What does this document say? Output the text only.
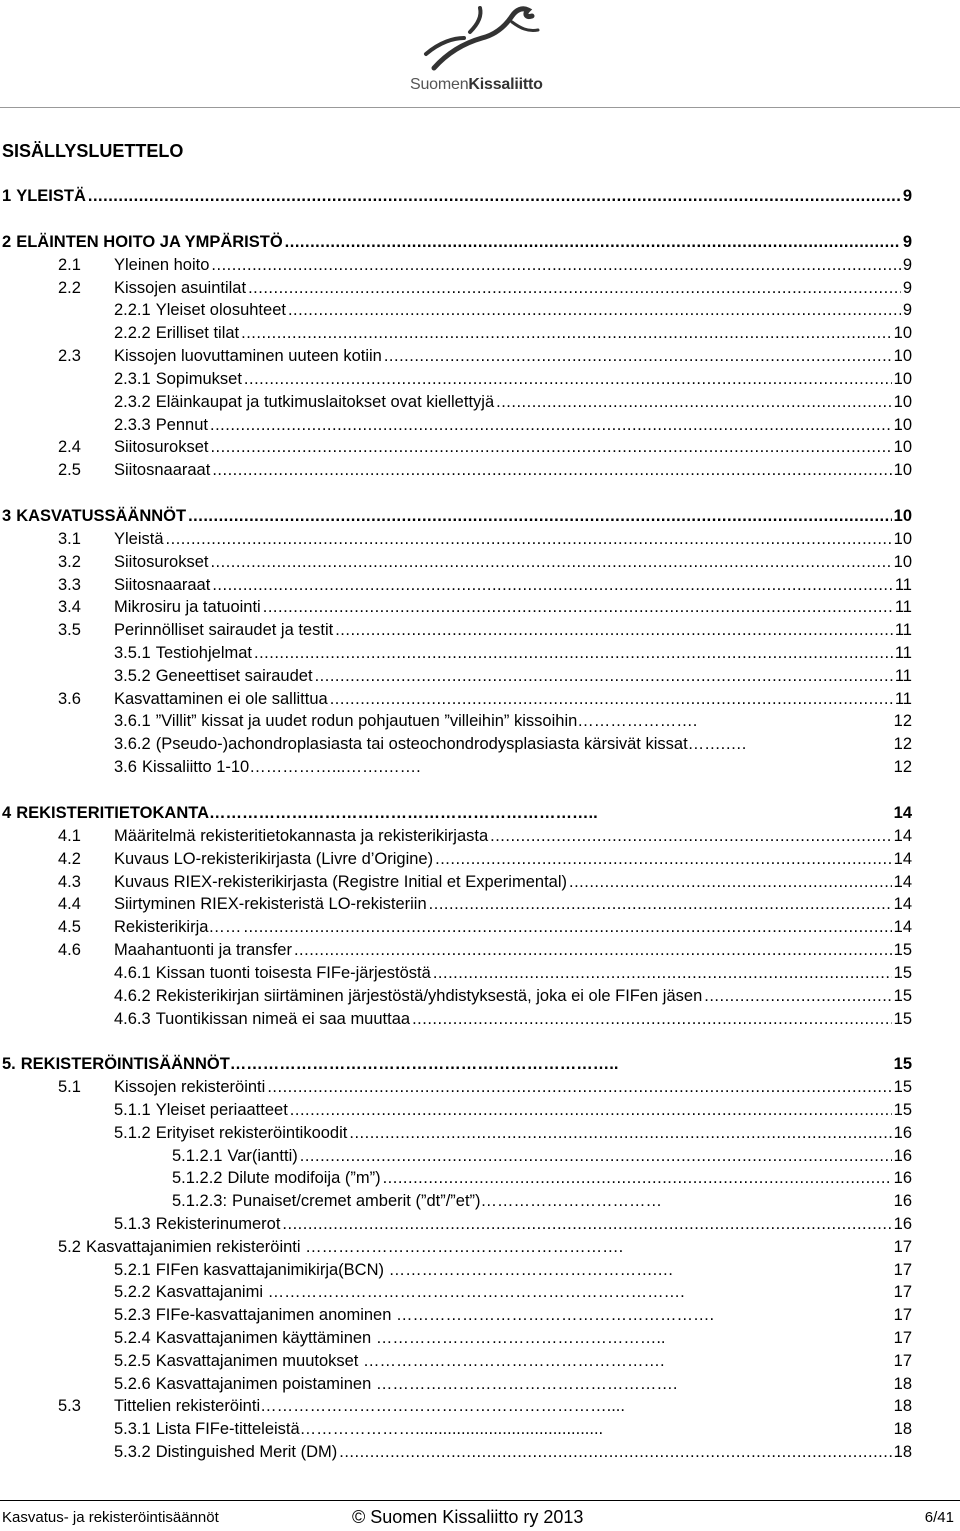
SuomenKissaliitto
SISÄLLYSLUETTELO
1 YLEISTÄ .....	9
2 ELÄINTEN HOITO JA YMPÄRISTÖ .....	9
2.1	Yleinen hoito .....	9
2.2	Kissojen asuintilat .....	9
2.2.1 Yleiset olosuhteet .....	9
2.2.2 Erilliset tilat .....	10
2.3	Kissojen luovuttaminen uuteen kotiin .....	10
2.3.1 Sopimukset .....	10
2.3.2 Eläinkaupat ja tutkimuslaitokset ovat kiellettyjä .....	10
2.3.3 Pennut .....	10
2.4	Siitosurokset .....	10
2.5	Siitosnaaraat .....	10
3 KASVATUSSÄÄNNÖT .....	10
3.1	Yleistä .....	10
3.2	Siitosurokset .....	10
3.3	Siitosnaaraat .....	11
3.4	Mikrosiru ja tatuointi .....	11
3.5	Perinnölliset sairaudet ja testit .....	11
3.5.1 Testiohjelmat .....	11
3.5.2 Geneettiset sairaudet .....	11
3.6	Kasvattaminen ei ole sallittua .....	11
3.6.1 ”Villit” kissat ja uudet rodun pohjautuen ”villeihin” kissoihin………………….	12
3.6.2 (Pseudo-)achondroplasiasta tai osteochondrodysplasiasta kärsivät kissat…….….	12
3.6 Kissaliitto 1-10……………...…….…….	12
4 REKISTERITIETOKANTA……………………………………………………………..	14
4.1	Määritelmä rekisteritietokannasta ja rekisterikirjasta .....	14
4.2	Kuvaus LO-rekisterikirjasta (Livre d’Origine) .....	14
4.3	Kuvaus RIEX-rekisterikirjasta (Registre Initial et Experimental) .....	14
4.4	Siirtyminen RIEX-rekisteristä LO-rekisteriin .....	14
4.5	Rekisterikirja…… .....	14
4.6	Maahantuonti ja transfer .....	15
4.6.1 Kissan tuonti toisesta FIFe-järjestöstä .....	15
4.6.2 Rekisterikirjan siirtäminen järjestöstä/yhdistyksestä, joka ei ole FIFen jäsen .....	15
4.6.3 Tuontikissan nimeä ei saa muuttaa .....	15
5. REKISTERÖINTISÄÄNNÖT……………………………………………………………..	15
5.1	Kissojen rekisteröinti .....	15
5.1.1 Yleiset periaatteet .....	15
5.1.2 Erityiset rekisteröintikoodit .....	16
5.1.2.1 Var(iantti) .....	16
5.1.2.2 Dilute modifoija (”m”) .....	16
5.1.2.3: Punaiset/cremet amberit (”dt”/”et”)……………………………	16
5.1.3 Rekisterinumerot .....	16
5.2 Kasvattajanimien rekisteröinti ………………………………………………….	17
5.2.1 FIFen kasvattajanimikirja(BCN) ………………………………………….…	17
5.2.2 Kasvattajanimi ………………………………………………………………….	17
5.2.3 FIFe-kasvattajanimen anominen ………………………………………………….	17
5.2.4 Kasvattajanimen käyttäminen ……………………………………………..	17
5.2.5 Kasvattajanimen muutokset ……………………………………………….	17
5.2.6 Kasvattajanimen poistaminen ……………………………………………….	18
5.3	Tittelien rekisteröinti………………………………………………………....	18
5.3.1 Lista FIFe-titteleistä………………….........................................	18
5.3.2 Distinguished Merit (DM) .....	18
Kasvatus- ja rekisteröintisäännöt	© Suomen Kissaliitto ry 2013	6/41
